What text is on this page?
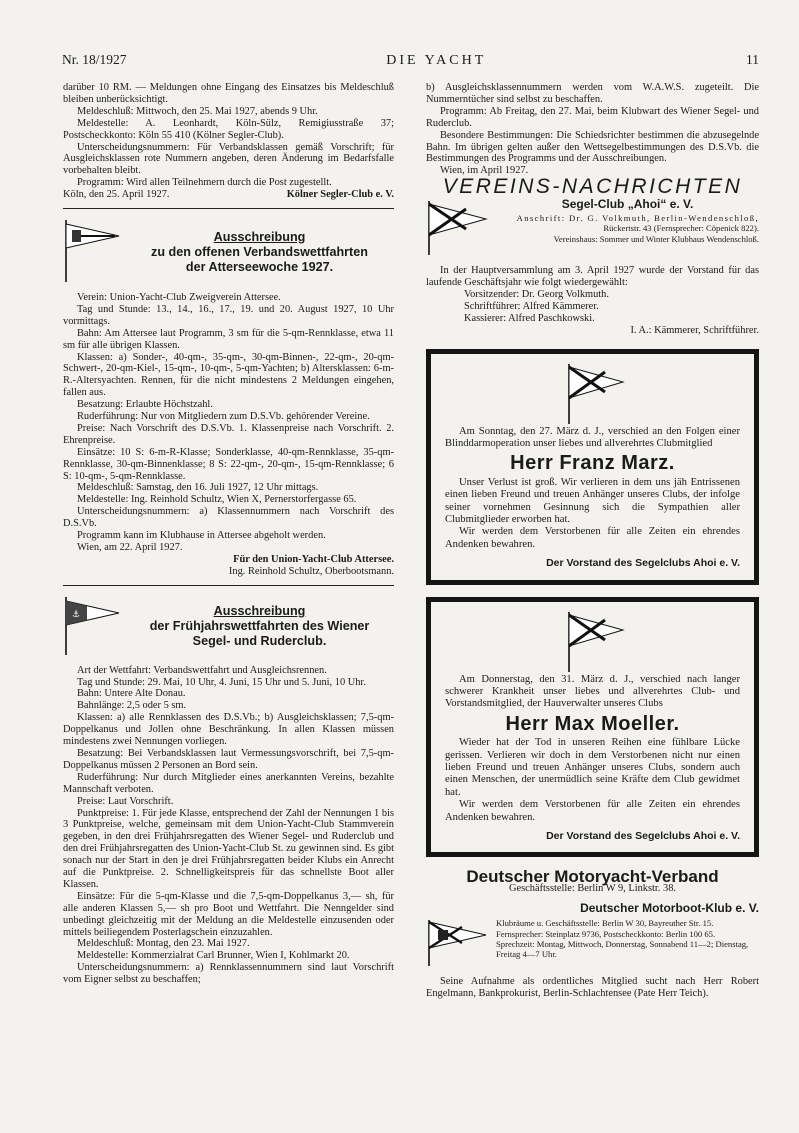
Nr. 18/1927	DIE YACHT	11

darüber 10 RM. — Meldungen ohne Eingang des Einsatzes bis Meldeschluß bleiben unberücksichtigt.

Meldeschluß: Mittwoch, den 25. Mai 1927, abends 9 Uhr.

Meldestelle: A. Leonhardt, Köln-Sülz, Remigiusstraße 37; Postscheckkonto: Köln 55 410 (Kölner Segler-Club).

Unterscheidungsnummern: Für Verbandsklassen gemäß Vorschrift; für Ausgleichsklassen rote Nummern angeben, deren Änderung im Bedarfsfalle vorbehalten bleibt.

Programm: Wird allen Teilnehmern durch die Post zugestellt.

Köln, den 25. April 1927.	Kölner Segler-Club e. V.
Ausschreibung
zu den offenen Verbandswettfahrten
der Atterseewoche 1927.

Verein: Union-Yacht-Club Zweigverein Attersee.

Tag und Stunde: 13., 14., 16., 17., 19. und 20. August 1927, 10 Uhr vormittags.

Bahn: Am Attersee laut Programm, 3 sm für die 5-qm-Rennklasse, etwa 11 sm für alle übrigen Klassen.

Klassen: a) Sonder-, 40-qm-, 35-qm-, 30-qm-Binnen-, 22-qm-, 20-qm-Schwert-, 20-qm-Kiel-, 15-qm-, 10-qm-, 5-qm-Yachten; b) Altersklassen: 6-m-R.-Altersyachten. Rennen, für die nicht mindestens 2 Meldungen eingehen, fallen aus.

Besatzung: Erlaubte Höchstzahl.

Ruderführung: Nur von Mitgliedern zum D.S.Vb. gehörender Vereine.

Preise: Nach Vorschrift des D.S.Vb. 1. Klassenpreise nach Vorschrift. 2. Ehrenpreise.

Einsätze: 10 S: 6-m-R-Klasse; Sonderklasse, 40-qm-Rennklasse, 35-qm-Rennklasse, 30-qm-Binnenklasse; 8 S: 22-qm-, 20-qm-, 15-qm-Rennklasse; 6 S: 10-qm-, 5-qm-Rennklasse.

Meldeschluß: Samstag, den 16. Juli 1927, 12 Uhr mittags.

Meldestelle: Ing. Reinhold Schultz, Wien X, Pernerstorfergasse 65.

Unterscheidungsnummern: a) Klassennummern nach Vorschrift des D.S.Vb.

Programm kann im Klubhause in Attersee abgeholt werden.

Wien, am 22. April 1927.

Für den Union-Yacht-Club Attersee.

Ing. Reinhold Schultz, Oberbootsmann.

⚓	Ausschreibung
der Frühjahrswettfahrten des Wiener
Segel- und Ruderclub.

Art der Wettfahrt: Verbandswettfahrt und Ausgleichsrennen.

Tag und Stunde: 29. Mai, 10 Uhr, 4. Juni, 15 Uhr und 5. Juni, 10 Uhr.

Bahn: Untere Alte Donau.

Bahnlänge: 2,5 oder 5 sm.

Klassen: a) alle Rennklassen des D.S.Vb.; b) Ausgleichsklassen; 7,5-qm-Doppelkanus und Jollen ohne Beschränkung. In allen Klassen müssen mindestens zwei Nennungen vorliegen.

Besatzung: Bei Verbandsklassen laut Vermessungsvorschrift, bei 7,5-qm-Doppelkanus müssen 2 Personen an Bord sein.

Ruderführung: Nur durch Mitglieder eines anerkannten Vereins, bezahlte Mannschaft verboten.

Preise: Laut Vorschrift.

Punktpreise: 1. Für jede Klasse, entsprechend der Zahl der Nennungen 1 bis 3 Punktpreise, welche, gemeinsam mit dem Union-Yacht-Club Stammverein gegeben, in den drei Frühjahrsregatten des Wiener Segel- und Ruderclub und den drei Frühjahrsregatten des Union-Yacht-Club St. zu gewinnen sind. Es gibt sonach nur der Start in den je drei Frühjahrsregatten beider Klubs ein Anrecht auf die Punktpreise. 2. Schnelligkeitspreis für das schnellste Boot aller Klassen.

Einsätze: Für die 5-qm-Klasse und die 7,5-qm-Doppelkanus 3,— sh, für alle anderen Klassen 5,— sh pro Boot und Wettfahrt. Die Nenngelder sind unbedingt gleichzeitig mit der Meldung an die Meldestelle einzusenden oder mittels beiliegendem Posterlagschein einzuzahlen.

Meldeschluß: Montag, den 23. Mai 1927.

Meldestelle: Kommerzialrat Carl Brunner, Wien I, Kohlmarkt 20.

Unterscheidungsnummern: a) Rennklassennummern sind laut Vorschrift vom Eigner selbst zu beschaffen;

b) Ausgleichsklassennummern werden vom W.A.W.S. zugeteilt. Die Nummerntücher sind selbst zu beschaffen.

Programm: Ab Freitag, den 27. Mai, beim Klubwart des Wiener Segel- und Ruderclub.

Besondere Bestimmungen: Die Schiedsrichter bestimmen die abzusegelnde Bahn. Im übrigen gelten außer den Wettsegelbestimmungen des D.S.Vb. die Bestimmungen des Programms und der Ausschreibungen.

Wien, im April 1927.

VEREINS-NACHRICHTEN
Segel-Club „Ahoi“ e. V.
Anschrift: Dr. G. Volkmuth, Berlin-Wendenschloß,
Rückertstr. 43 (Fernsprecher: Cöpenick 822).
Vereinshaus: Sommer und Winter Klubhaus Wendenschloß.

In der Hauptversammlung am 3. April 1927 wurde der Vorstand für das laufende Geschäftsjahr wie folgt wiedergewählt:

Vorsitzender: Dr. Georg Volkmuth.

Schriftführer: Alfred Kämmerer.

Kassierer: Alfred Paschkowski.

I. A.: Kämmerer, Schriftführer.

Am Sonntag, den 27. März d. J., verschied an den Folgen einer Blinddarmoperation unser liebes und allverehrtes Clubmitglied

Herr Franz Marz.

Unser Verlust ist groß. Wir verlieren in dem uns jäh Entrissenen einen lieben Freund und treuen Anhänger unseres Clubs, der infolge seiner vornehmen Gesinnung sich die Sympathien aller Clubmitglieder erworben hat.

Wir werden dem Verstorbenen für alle Zeiten ein ehrendes Andenken bewahren.

Der Vorstand des Segelclubs Ahoi e. V.

Am Donnerstag, den 31. März d. J., verschied nach langer schwerer Krankheit unser liebes und allverehrtes Club- und Vorstandsmitglied, der Hauverwalter unseres Clubs

Herr Max Moeller.

Wieder hat der Tod in unseren Reihen eine fühlbare Lücke gerissen. Verlieren wir doch in dem Verstorbenen nicht nur einen lieben Freund und treuen Anhänger unseres Clubs, sondern auch einen Menschen, der unermüdlich seine Kräfte dem Club gewidmet hat.

Wir werden dem Verstorbenen für alle Zeiten ein ehrendes Andenken bewahren.

Der Vorstand des Segelclubs Ahoi e. V.
Deutscher Motoryacht-Verband
Geschäftsstelle: Berlin W 9, Linkstr. 38.
Deutscher Motorboot-Klub e. V.
Klubräume u. Geschäftsstelle: Berlin W 30, Bayreuther Str. 15.
Fernsprecher: Steinplatz 9736, Postscheckkonto: Berlin 100 65.
Sprechzeit: Montag, Mittwoch, Donnerstag, Sonnabend 11—2; Dienstag, Freitag 4—7 Uhr.

Seine Aufnahme als ordentliches Mitglied sucht nach Herr Robert Engelmann, Bankprokurist, Berlin-Schlachtensee (Pate Herr Teich).
